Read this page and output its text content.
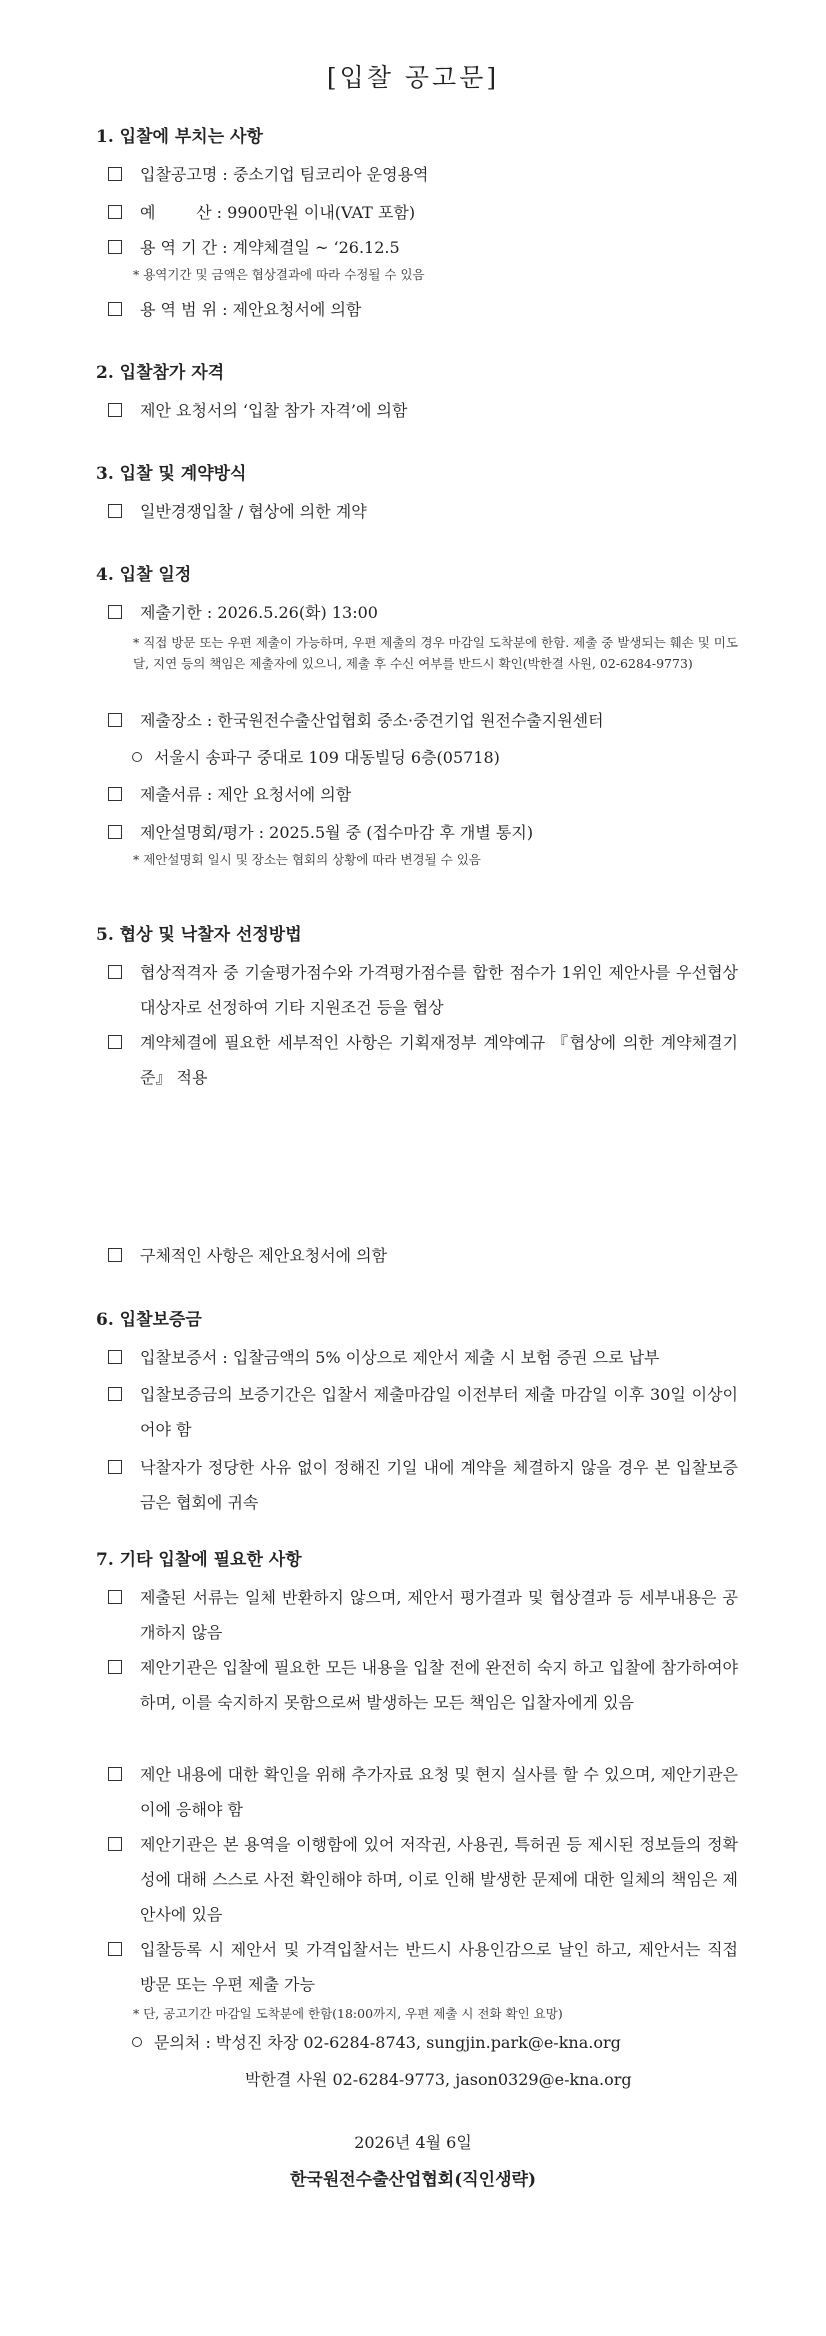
[입찰 공고문]
1. 입찰에 부치는 사항
입찰공고명 : 중소기업 팀코리아 운영용역
예        산 : 9900만원 이내(VAT 포함)
용 역 기 간 : 계약체결일 ~ ‘26.12.5
* 용역기간 및 금액은 협상결과에 따라 수정될 수 있음
용 역 범 위 : 제안요청서에 의함
2. 입찰참가 자격
제안 요청서의 ‘입찰 참가 자격’에 의함
3. 입찰 및 계약방식
일반경쟁입찰 / 협상에 의한 계약
4. 입찰 일정
제출기한 : 2026.5.26(화) 13:00
* 직접 방문 또는 우편 제출이 가능하며, 우편 제출의 경우 마감일 도착분에 한함. 제출 중 발생되는 훼손 및 미도달, 지연 등의 책임은 제출자에 있으니, 제출 후 수신 여부를 반드시 확인(박한결 사원, 02-6284-9773)
제출장소 : 한국원전수출산업협회 중소·중견기업 원전수출지원센터
서울시 송파구 중대로 109 대동빌딩 6층(05718)
제출서류 : 제안 요청서에 의함
제안설명회/평가 : 2025.5월 중 (접수마감 후 개별 통지)
* 제안설명회 일시 및 장소는 협회의 상황에 따라 변경될 수 있음
5. 협상 및 낙찰자 선정방법
협상적격자 중 기술평가점수와 가격평가점수를 합한 점수가 1위인 제안사를 우선협상대상자로 선정하여 기타 지원조건 등을 협상
계약체결에 필요한 세부적인 사항은 기획재정부 계약예규 『협상에 의한 계약체결기준』 적용
구체적인 사항은 제안요청서에 의함
6. 입찰보증금
입찰보증서 : 입찰금액의 5% 이상으로 제안서 제출 시 보험 증권 으로 납부
입찰보증금의 보증기간은 입찰서 제출마감일 이전부터 제출 마감일 이후 30일 이상이어야 함
낙찰자가 정당한 사유 없이 정해진 기일 내에 계약을 체결하지 않을 경우 본 입찰보증금은 협회에 귀속
7. 기타 입찰에 필요한 사항
제출된 서류는 일체 반환하지 않으며, 제안서 평가결과 및 협상결과 등 세부내용은 공개하지 않음
제안기관은 입찰에 필요한 모든 내용을 입찰 전에 완전히 숙지 하고 입찰에 참가하여야 하며, 이를 숙지하지 못함으로써 발생하는 모든 책임은 입찰자에게 있음
제안 내용에 대한 확인을 위해 추가자료 요청 및 현지 실사를 할 수 있으며, 제안기관은 이에 응해야 함
제안기관은 본 용역을 이행함에 있어 저작권, 사용권, 특허권 등 제시된 정보들의 정확성에 대해 스스로 사전 확인해야 하며, 이로 인해 발생한 문제에 대한 일체의 책임은 제안사에 있음
입찰등록 시 제안서 및 가격입찰서는 반드시 사용인감으로 날인 하고, 제안서는 직접 방문 또는 우편 제출 가능
* 단, 공고기간 마감일 도착분에 한함(18:00까지, 우편 제출 시 전화 확인 요망)
문의처 : 박성진 차장 02-6284-8743, sungjin.park@e-kna.org
박한결 사원 02-6284-9773, jason0329@e-kna.org
2026년 4월 6일
한국원전수출산업협회(직인생략)
